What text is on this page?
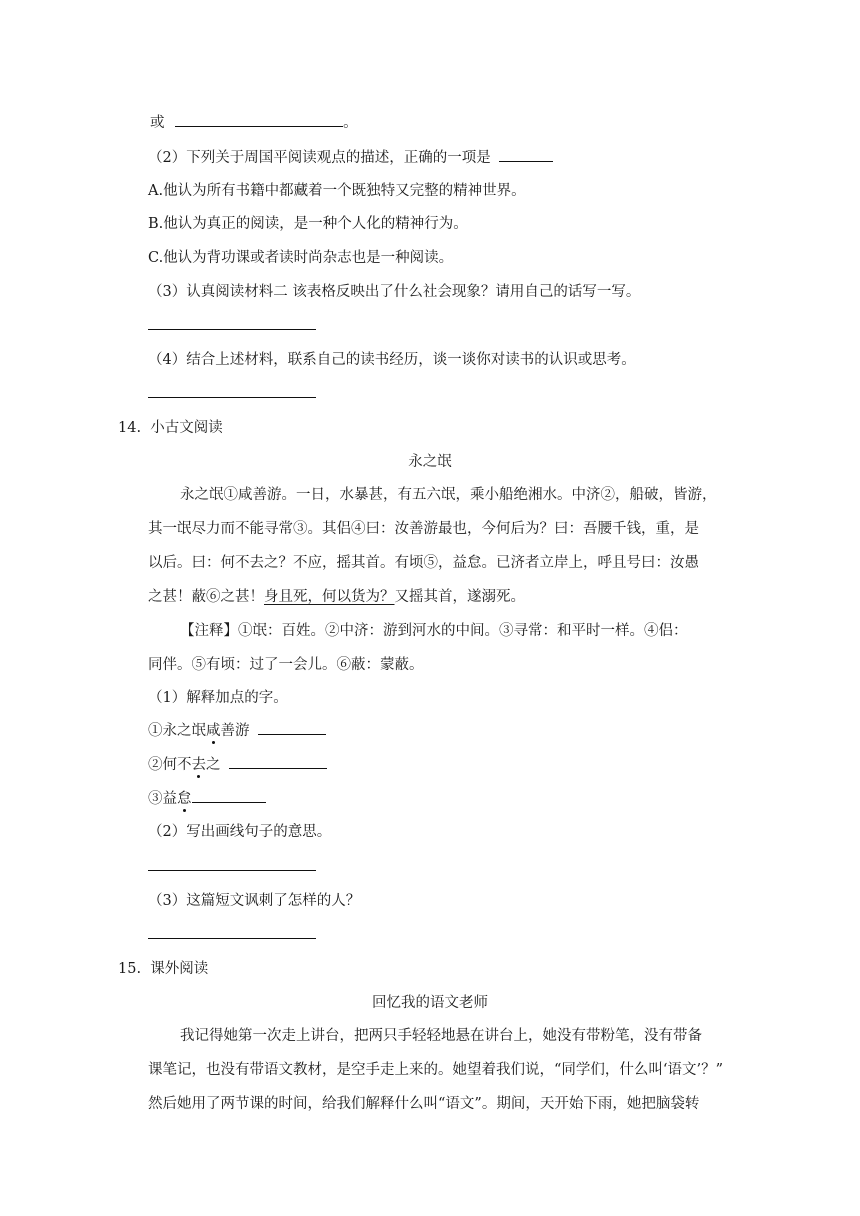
或	。
（2）下列关于周国平阅读观点的描述，正确的一项是
A.他认为所有书籍中都藏着一个既独特又完整的精神世界。
B.他认为真正的阅读，是一种个人化的精神行为。
C.他认为背功课或者读时尚杂志也是一种阅读。
（3）认真阅读材料二 该表格反映出了什么社会现象？请用自己的话写一写。
（4）结合上述材料，联系自己的读书经历，谈一谈你对读书的认识或思考。
14. 小古文阅读
永之氓
永之氓①咸善游。一日，水暴甚，有五六氓，乘小船绝湘水。中济②，船破，皆游，
其一氓尽力而不能寻常③。其侣④曰：汝善游最也，今何后为？曰：吾腰千钱，重，是
以后。曰：何不去之？不应，摇其首。有顷⑤，益怠。已济者立岸上，呼且号曰：汝愚
之甚！蔽⑥之甚！身且死，何以货为？又摇其首，遂溺死。
【注释】①氓：百姓。②中济：游到河水的中间。③寻常：和平时一样。④侣：
同伴。⑤有顷：过了一会儿。⑥蔽：蒙蔽。
（1）解释加点的字。
①永之氓咸善游
②何不去之
③益怠
（2）写出画线句子的意思。
（3）这篇短文讽刺了怎样的人？
15. 课外阅读
回忆我的语文老师
我记得她第一次走上讲台，把两只手轻轻地悬在讲台上，她没有带粉笔，没有带备
课笔记，也没有带语文教材，是空手走上来的。她望着我们说，“同学们，什么叫‘语文’？”
然后她用了两节课的时间，给我们解释什么叫“语文”。期间，天开始下雨，她把脑袋转
